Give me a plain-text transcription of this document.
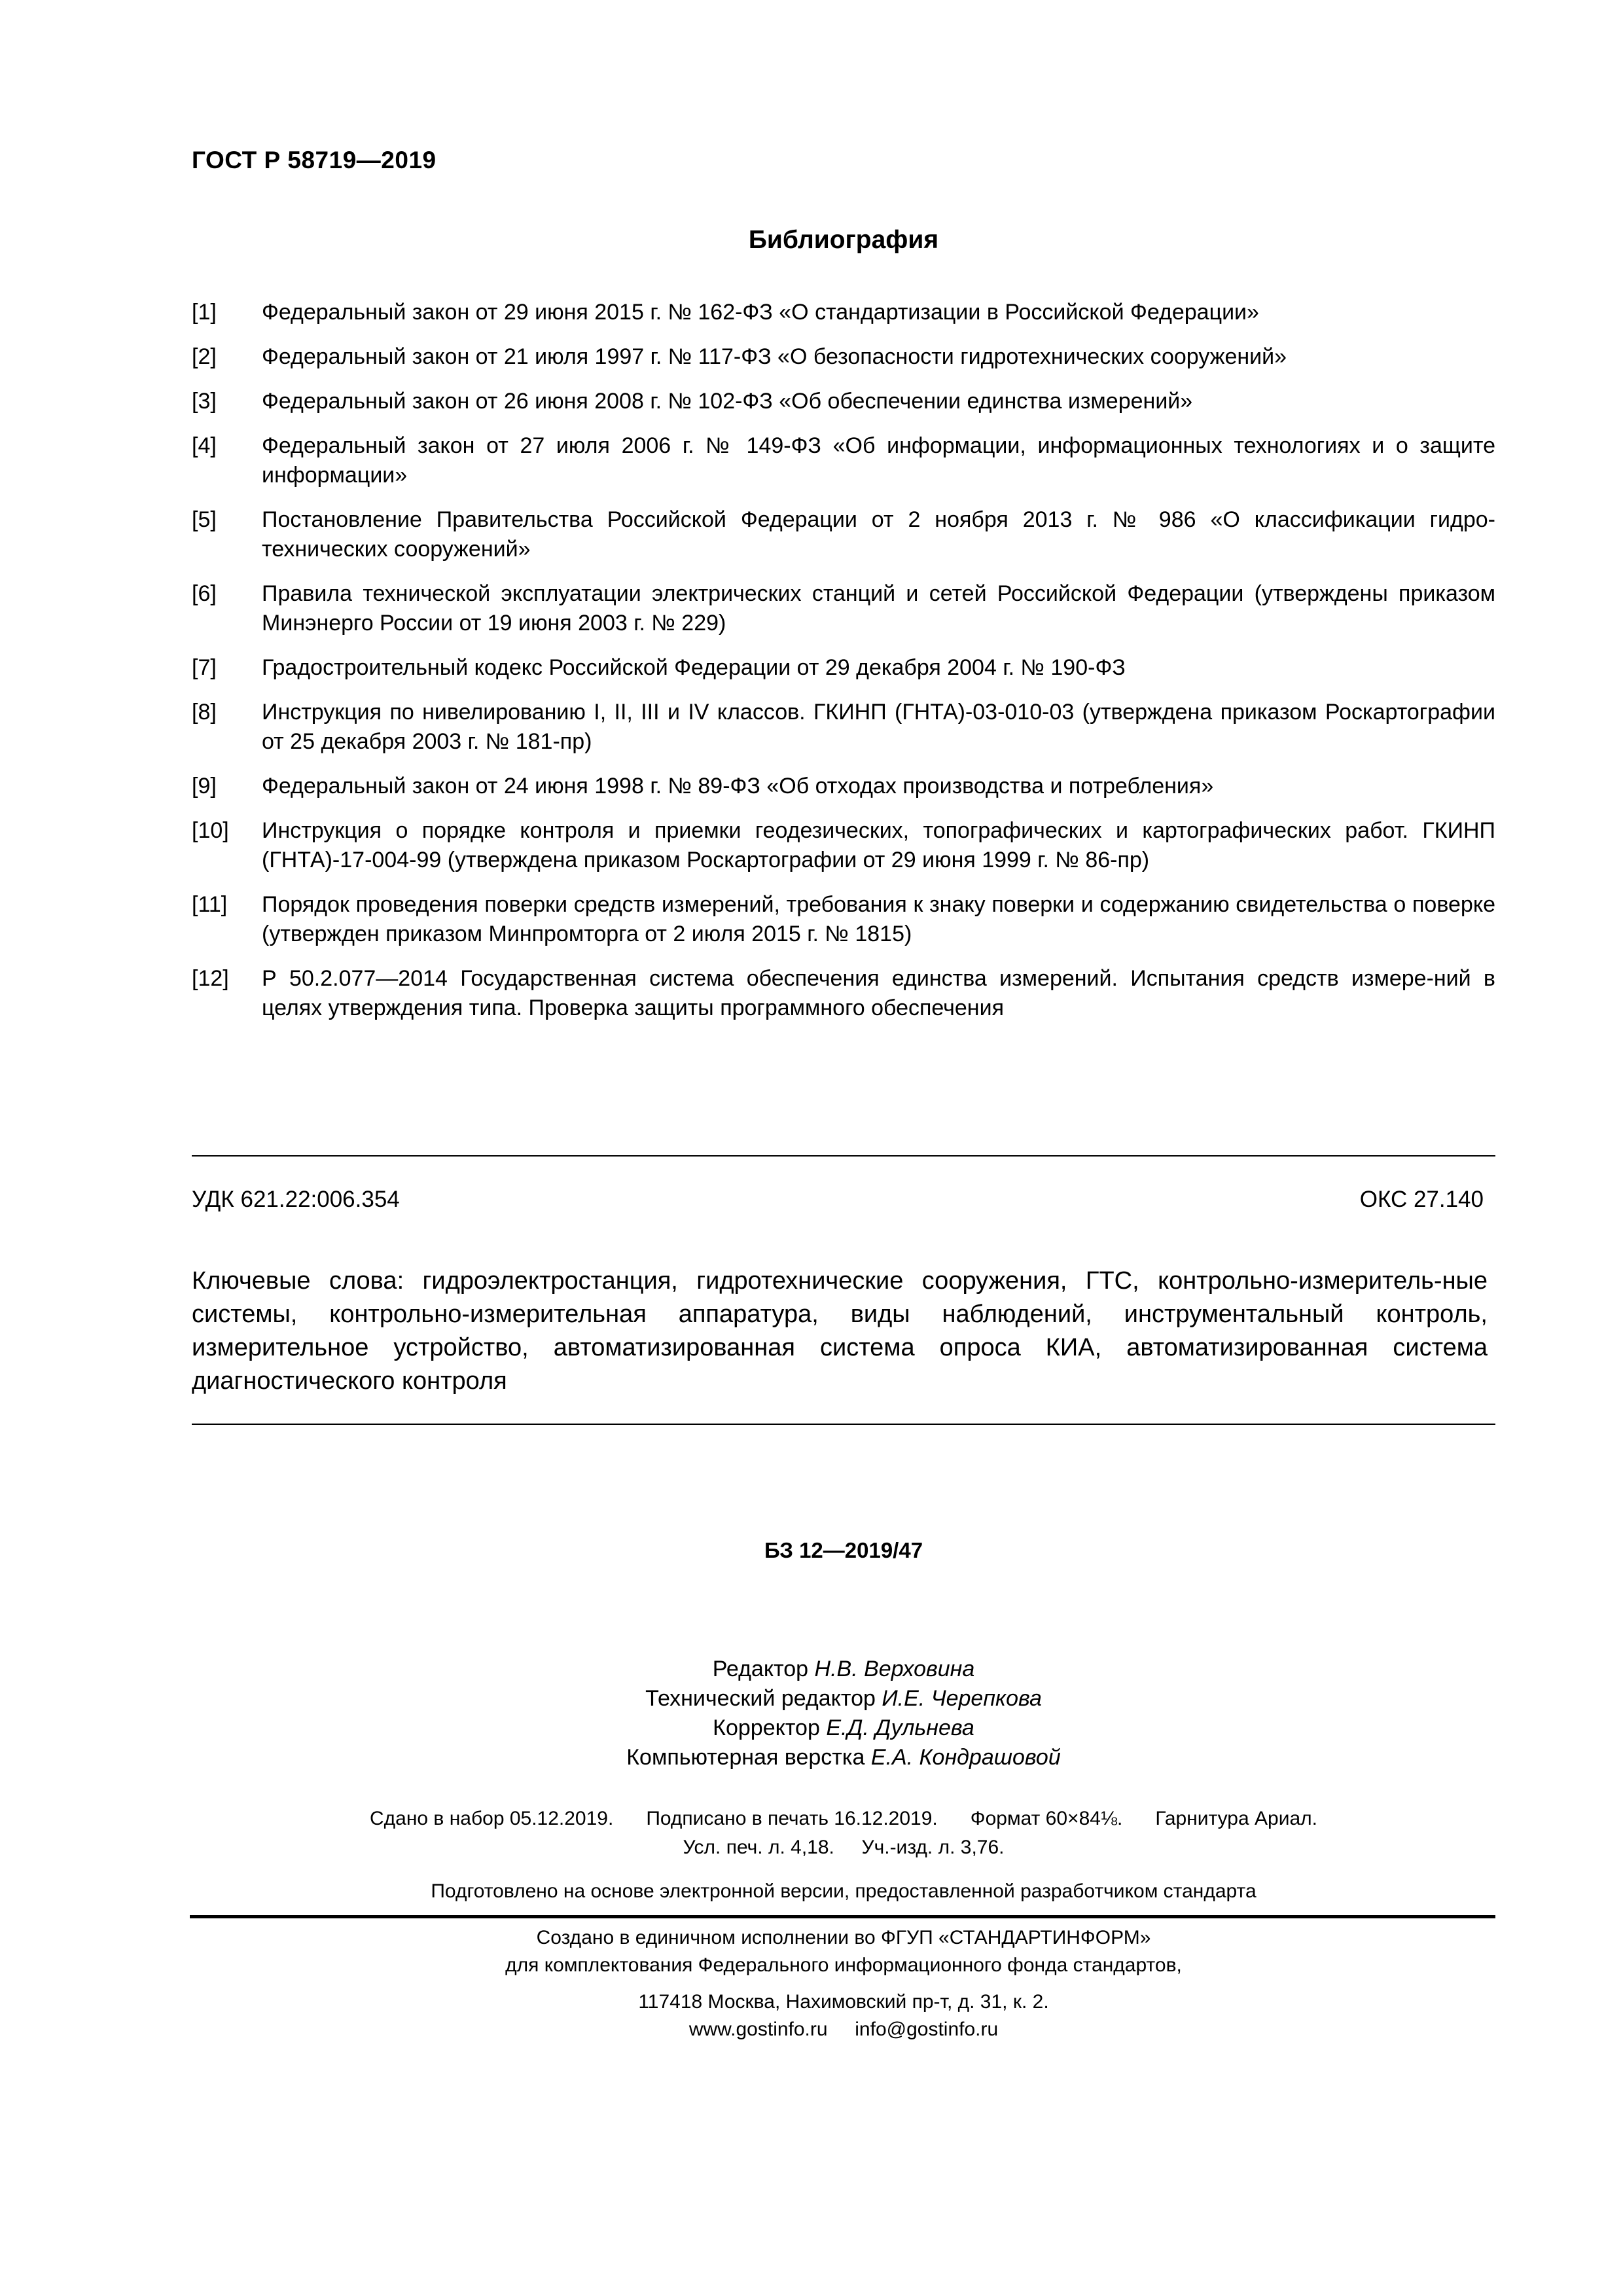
ГОСТ Р 58719—2019
Библиография
[1]	Федеральный закон от 29 июня 2015 г. № 162-ФЗ «О стандартизации в Российской Федерации»
[2]	Федеральный закон от 21 июля 1997 г. № 117-ФЗ «О безопасности гидротехнических сооружений»
[3]	Федеральный закон от 26 июня 2008 г. № 102-ФЗ «Об обеспечении единства измерений»
[4]	Федеральный закон от 27 июля 2006 г. № 149-ФЗ «Об информации, информационных технологиях и о защите информации»
[5]	Постановление Правительства Российской Федерации от 2 ноября 2013 г. № 986 «О классификации гидро-технических сооружений»
[6]	Правила технической эксплуатации электрических станций и сетей Российской Федерации (утверждены приказом Минэнерго России от 19 июня 2003 г. № 229)
[7]	Градостроительный кодекс Российской Федерации от 29 декабря 2004 г. № 190-ФЗ
[8]	Инструкция по нивелированию I, II, III и IV классов. ГКИНП (ГНТА)-03-010-03 (утверждена приказом Роскартографии от 25 декабря 2003 г. № 181-пр)
[9]	Федеральный закон от 24 июня 1998 г. № 89-ФЗ «Об отходах производства и потребления»
[10]	Инструкция о порядке контроля и приемки геодезических, топографических и картографических работ. ГКИНП (ГНТА)-17-004-99 (утверждена приказом Роскартографии от 29 июня 1999 г. № 86-пр)
[11]	Порядок проведения поверки средств измерений, требования к знаку поверки и содержанию свидетельства о поверке (утвержден приказом Минпромторга от 2 июля 2015 г. № 1815)
[12]	Р 50.2.077—2014 Государственная система обеспечения единства измерений. Испытания средств измере-ний в целях утверждения типа. Проверка защиты программного обеспечения
УДК 621.22:006.354	ОКС 27.140
Ключевые слова: гидроэлектростанция, гидротехнические сооружения, ГТС, контрольно-измеритель-ные системы, контрольно-измерительная аппаратура, виды наблюдений, инструментальный контроль, измерительное устройство, автоматизированная система опроса КИА, автоматизированная система диагностического контроля
БЗ 12—2019/47
Редактор Н.В. Верховина
Технический редактор И.Е. Черепкова
Корректор Е.Д. Дульнева
Компьютерная верстка Е.А. Кондрашовой
Сдано в набор 05.12.2019. Подписано в печать 16.12.2019. Формат 60×84⅛. Гарнитура Ариал.
Усл. печ. л. 4,18. Уч.-изд. л. 3,76.
Подготовлено на основе электронной версии, предоставленной разработчиком стандарта
Создано в единичном исполнении во ФГУП «СТАНДАРТИНФОРМ»
для комплектования Федерального информационного фонда стандартов,
117418 Москва, Нахимовский пр-т, д. 31, к. 2.
www.gostinfo.ru info@gostinfo.ru
